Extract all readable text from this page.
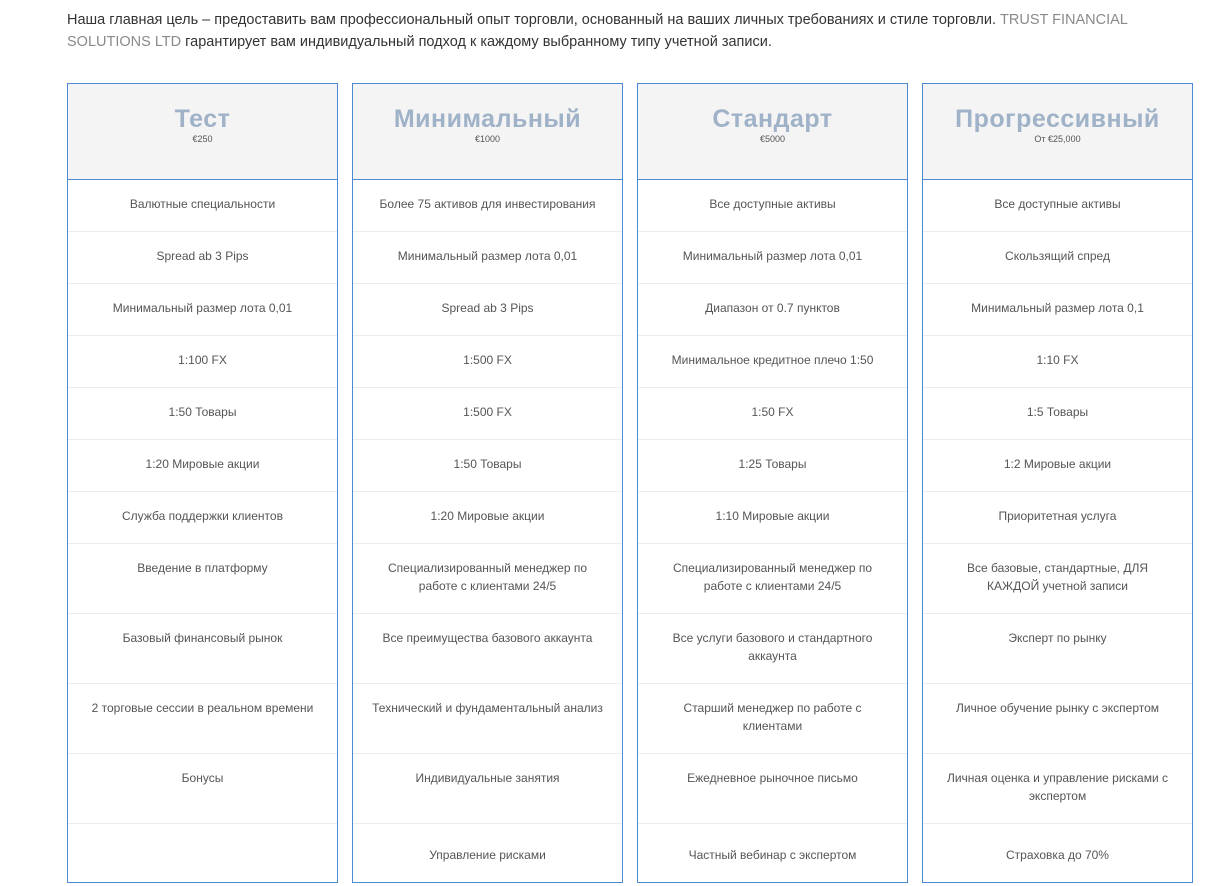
Наша главная цель – предоставить вам профессиональный опыт торговли, основанный на ваших личных требованиях и стиле торговли. TRUST FINANCIAL SOLUTIONS LTD гарантирует вам индивидуальный подход к каждому выбранному типу учетной записи.
Тест
€250
Валютные специальности
Spread ab 3 Pips
Минимальный размер лота 0,01
1:100 FX
1:50 Товары
1:20 Мировые акции
Служба поддержки клиентов
Введение в платформу
Базовый финансовый рынок
2 торговые сессии в реальном времени
Бонусы
Минимальный
€1000
Более 75 активов для инвестирования
Минимальный размер лота 0,01
Spread ab 3 Pips
1:500 FX
1:500 FX
1:50 Товары
1:20 Мировые акции
Специализированный менеджер по работе с клиентами 24/5
Все преимущества базового аккаунта
Технический и фундаментальный анализ
Индивидуальные занятия
Управление рисками
Стандарт
€5000
Все доступные активы
Минимальный размер лота 0,01
Диапазон от 0.7 пунктов
Минимальное кредитное плечо 1:50
1:50 FX
1:25 Товары
1:10 Мировые акции
Специализированный менеджер по работе с клиентами 24/5
Все услуги базового и стандартного аккаунта
Старший менеджер по работе с клиентами
Ежедневное рыночное письмо
Частный вебинар с экспертом
Прогрессивный
От €25,000
Все доступные активы
Скользящий спред
Минимальный размер лота 0,1
1:10 FX
1:5 Товары
1:2 Мировые акции
Приоритетная услуга
Все базовые, стандартные, ДЛЯ КАЖДОЙ учетной записи
Эксперт по рынку
Личное обучение рынку с экспертом
Личная оценка и управление рисками с экспертом
Страховка до 70%
